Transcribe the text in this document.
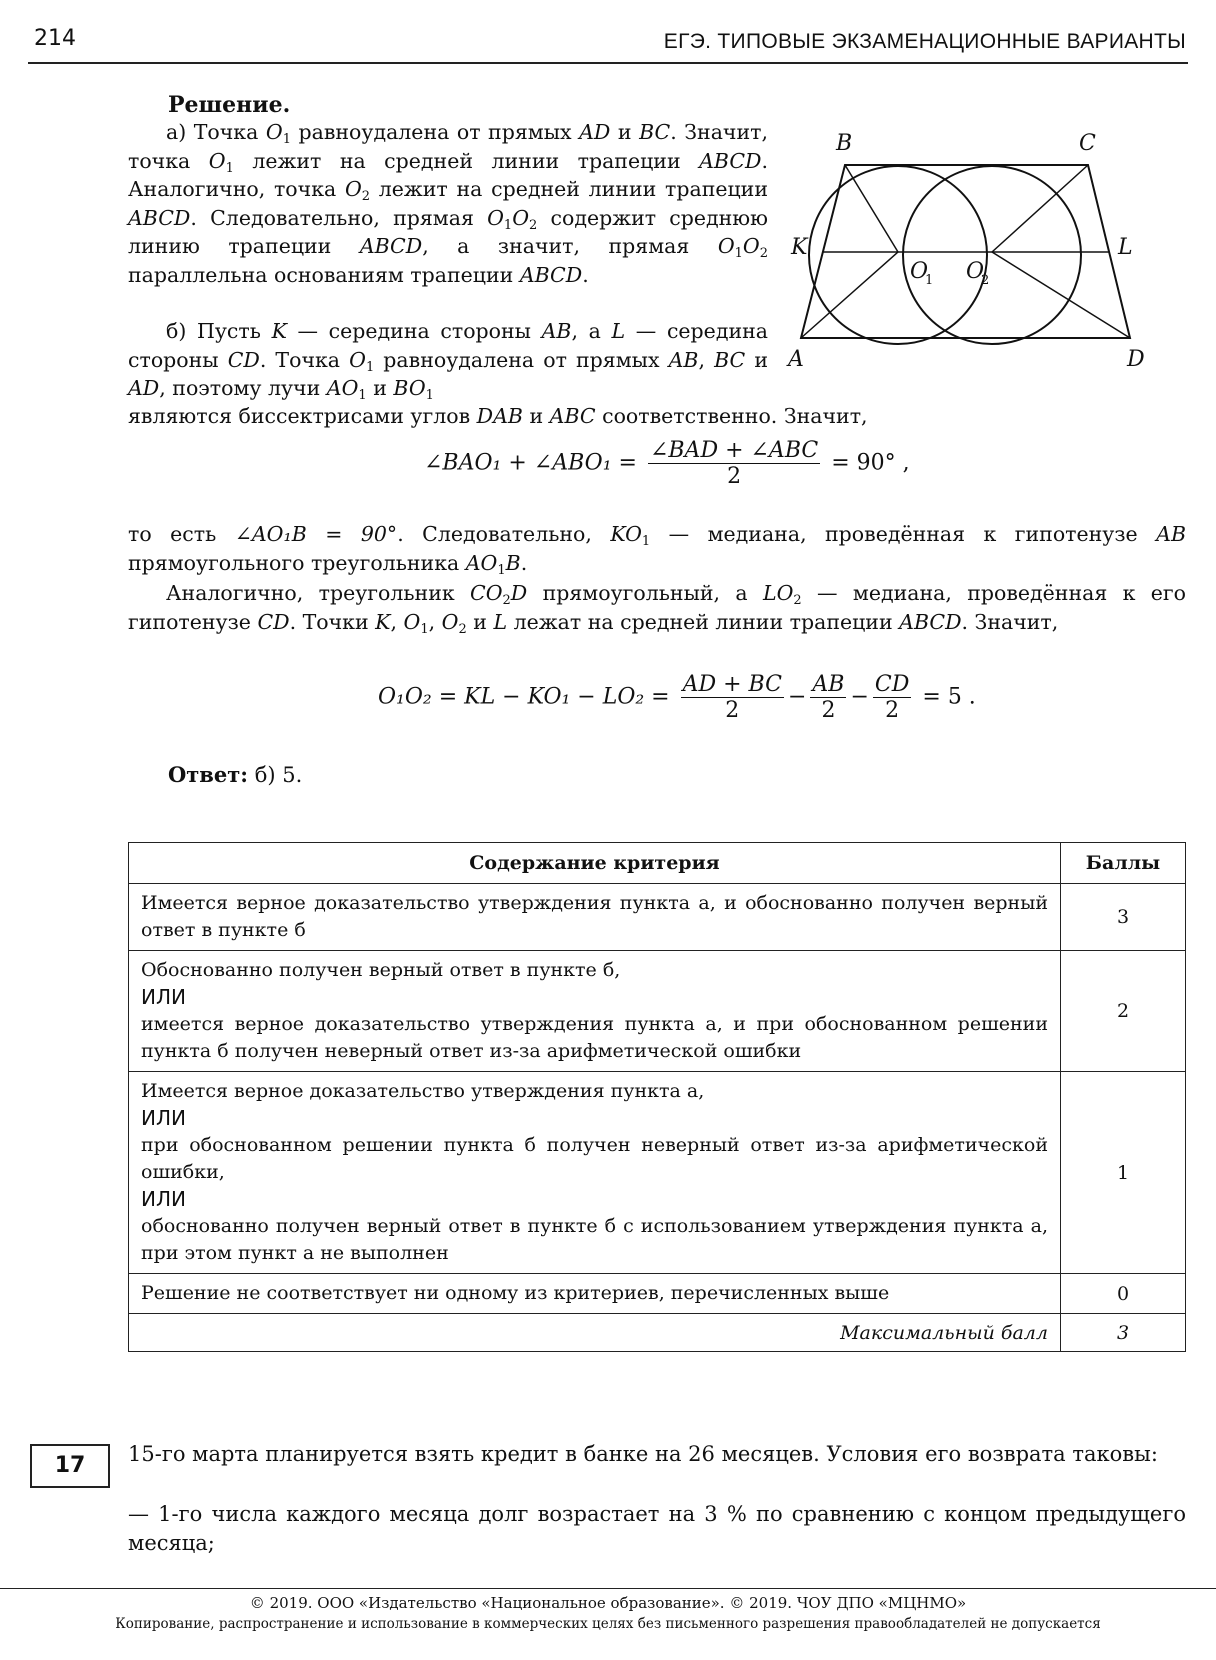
214	ЕГЭ. ТИПОВЫЕ ЭКЗАМЕНАЦИОННЫЕ ВАРИАНТЫ
Решение.
B	C
K	L
A	D
O
1 O
2
а) Точка $O_1$ равноудалена от прямых AD и BC. Значит, точка $O_1$ лежит на средней линии трапеции ABCD. Аналогично, точка $O_2$ лежит на средней линии трапеции ABCD. Следовательно, прямая $O_1O_2$ содержит среднюю линию трапеции ABCD, а значит, прямая $O_1O_2$ параллельна основаниям трапеции ABCD.
б) Пусть K — середина стороны AB, а L — середина стороны CD. Точка $O_1$ равноудалена от прямых AB, BC и AD, поэтому лучи $AO_1$ и $BO_1$
являются биссектрисами углов DAB и ABC соответственно. Значит,
∠BAO₁ + ∠ABO₁ = $\frac{\text{∠BAD + ∠ABC}}{2} = 90^\circ$ ,
то есть ∠AO₁B = 90°. Следовательно, $KO_1$ — медиана, проведённая к гипотенузе AB прямоугольного треугольника $AO_1B$.
Аналогично, треугольник $CO_2D$ прямоугольный, а $LO_2$ — медиана, проведённая к его гипотенузе CD. Точки K, $O_1$, $O_2$ и L лежат на средней линии трапеции ABCD. Значит,
O₁O₂ = KL − $KO_1 - LO_2 = \frac{AD + BC}{2} - \frac{AB}{2} - \frac{CD}{2} = 5$ .
Ответ: б) 5.
Содержание критерия	Баллы
Имеется верное доказательство утверждения пункта а, и обоснованно получен верный ответ в пункте б	3

Обоснованно получен верный ответ в пункте б,
ИЛИ
имеется верное доказательство утверждения пункта а, и при обоснованном решении пункта б получен неверный ответ из-за арифметической ошибки	2

Имеется верное доказательство утверждения пункта а,
ИЛИ
при обоснованном решении пункта б получен неверный ответ из-за арифметической ошибки,
ИЛИ
обоснованно получен верный ответ в пункте б с использованием утверждения пункта а, при этом пункт а не выполнен	1
Решение не соответствует ни одному из критериев, перечисленных выше	0
Максимальный балл	3
17	15-го марта планируется взять кредит в банке на 26 месяцев. Условия его возврата таковы:
— 1-го числа каждого месяца долг возрастает на 3 % по сравнению с концом предыдущего месяца;
© 2019. ООО «Издательство «Национальное образование». © 2019. ЧОУ ДПО «МЦНМО»
Копирование, распространение и использование в коммерческих целях без письменного разрешения правообладателей не допускается
